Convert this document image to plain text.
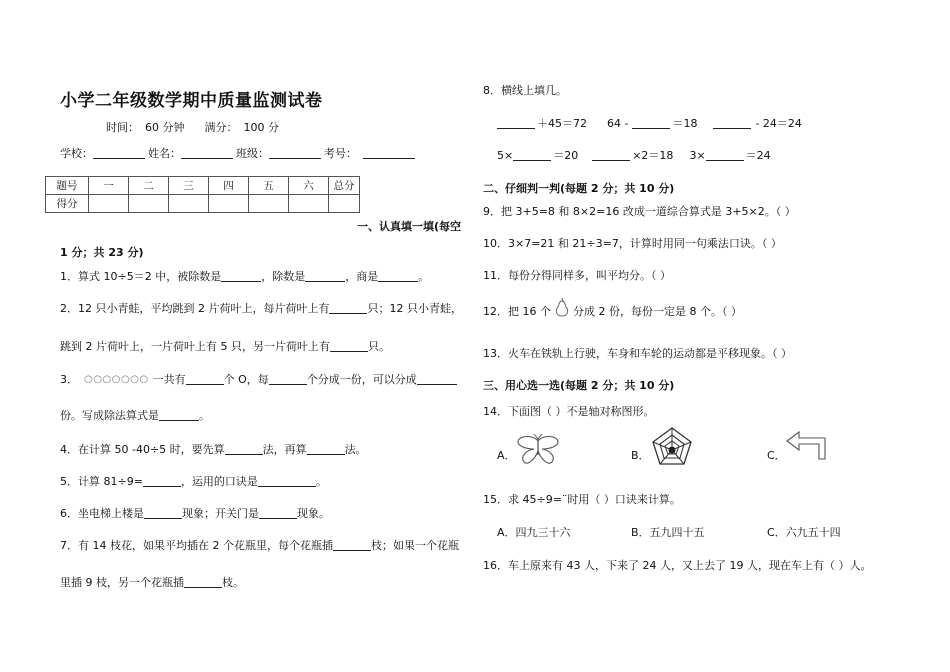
小学二年级数学期中质量监测试卷
时间： 60 分钟 满分： 100 分
学校：	姓名：	班级：	考号：
题号	一	二	三	四	五	六	总分
得分							
一、认真填一填(每空
1 分；共 23 分)
1．算式 10÷5＝2 中，被除数是	，除数是	，商是	。
2．12 只小青蛙，平均跳到 2 片荷叶上，每片荷叶上有	只；12 只小青蛙，
跳到 2 片荷叶上，一片荷叶上有 5 只，另一片荷叶上有	只。
3． ○○○○○○○ 一共有	个 O，每	个分成一份，可以分成
份。写成除法算式是	。
4．在计算 50 -40÷5 时，要先算	法，再算	法。
5．计算 81÷9=	，运用的口诀是	。
6．坐电梯上楼是	现象；开关门是	现象。
7．有 14 枝花，如果平均插在 2 个花瓶里，每个花瓶插	枝；如果一个花瓶
里插 9 枝，另一个花瓶插	枝。
8．横线上填几。
＋45＝72 64 -	＝18	- 24＝24
5×	＝20	×2＝18 3×	＝24
二、仔细判一判(每题 2 分；共 10 分)
9．把 3+5=8 和 8×2=16 改成一道综合算式是 3+5×2。（ ）
10．3×7=21 和 21÷3=7，计算时用同一句乘法口诀。（ ）
11．每份分得同样多，叫平均分。（ ）
12．把 16 个 分成 2 份，每份一定是 8 个。（ ）
13．火车在铁轨上行驶，车身和车轮的运动都是平移现象。（ ）
三、用心选一选(每题 2 分；共 10 分)
14．下面图（ ）不是轴对称图形。
A．	B．	C．
15．求 45÷9=¨时用（ ）口诀来计算。
A．四九三十六	B．五九四十五	C．六九五十四
16．车上原来有 43 人，下来了 24 人，又上去了 19 人，现在车上有（ ）人。
